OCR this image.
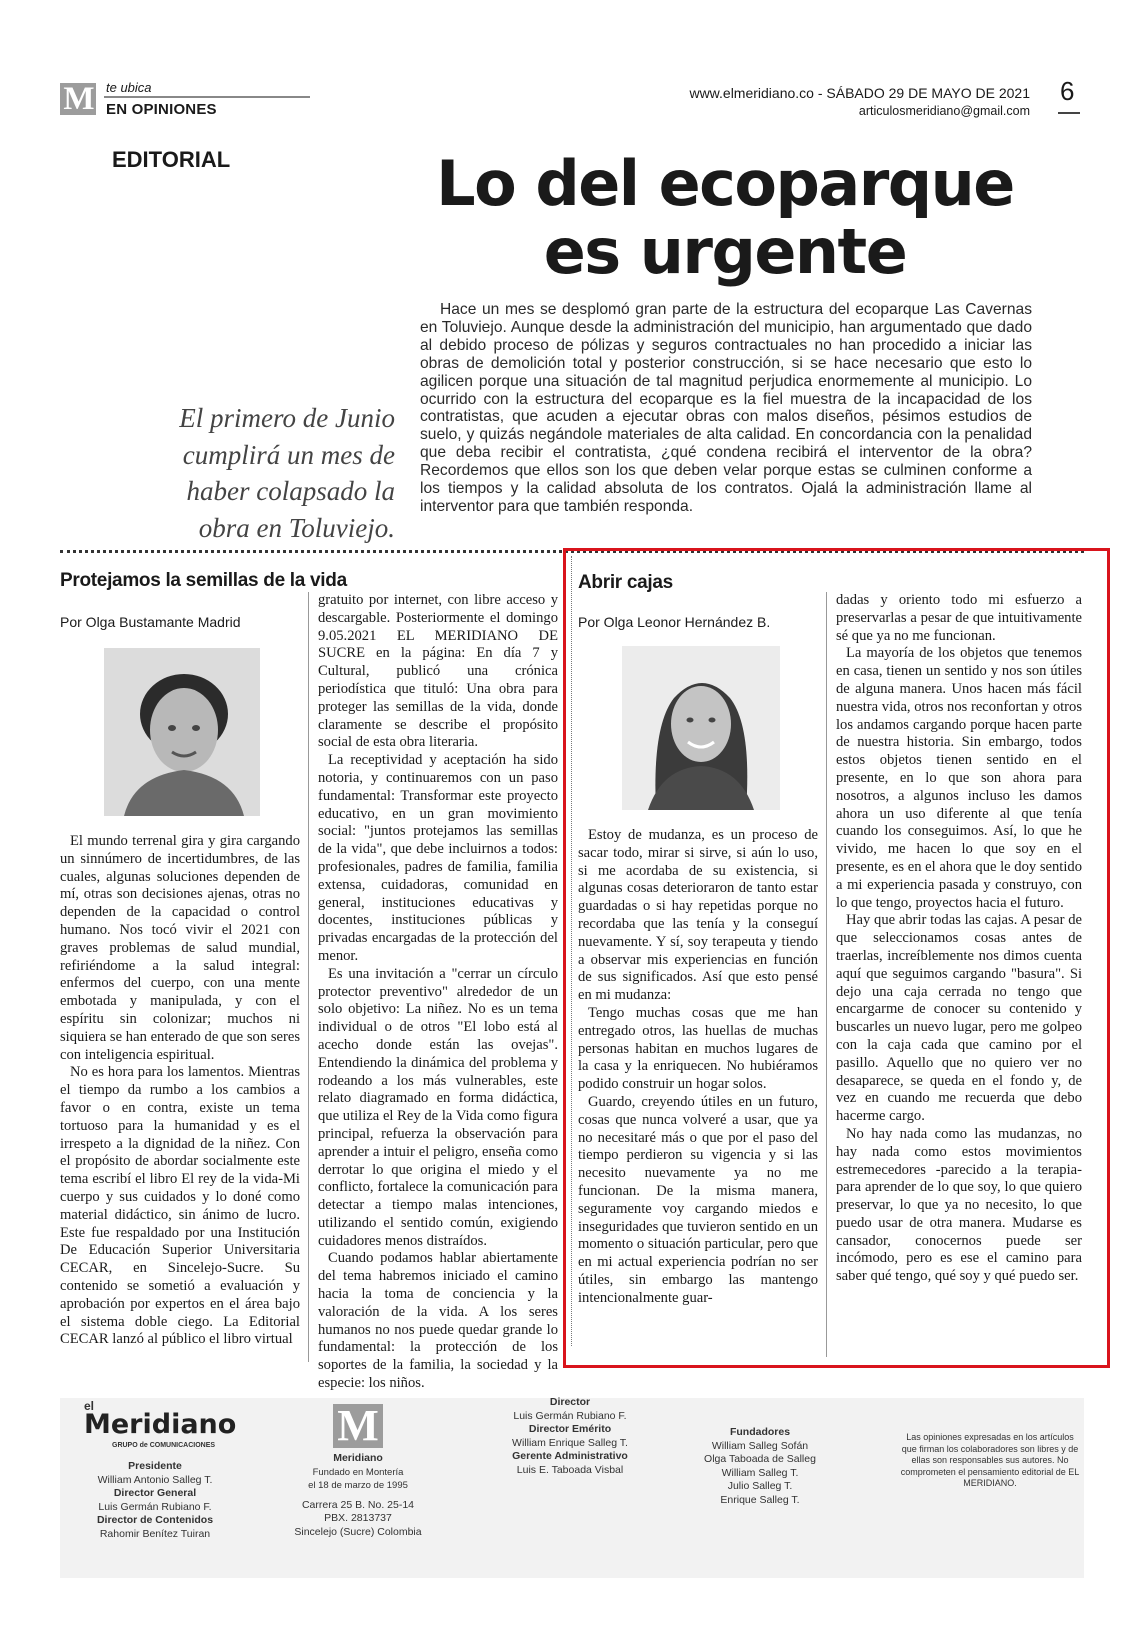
M te ubica
EN OPINIONES
www.elmeridiano.co - SÁBADO 29 DE MAYO DE 2021
articulosmeridiano@gmail.com
6
EDITORIAL	Lo del ecoparque es urgente
El primero de Junio cumplirá un mes de haber colapsado la obra en Toluviejo.

Hace un mes se desplomó gran parte de la estructura del ecoparque Las Cavernas en Toluviejo. Aunque desde la administración del municipio, han argumentado que dado al debido proceso de pólizas y seguros contractuales no han procedido a iniciar las obras de demolición total y posterior construcción, si se hace necesario que esto lo agilicen porque una situación de tal magnitud perjudica enormemente al municipio. Lo ocurrido con la estructura del ecoparque es la fiel muestra de la incapacidad de los contratistas, que acuden a ejecutar obras con malos diseños, pésimos estudios de suelo, y quizás negándole materiales de alta calidad. En concordancia con la penalidad que deba recibir el contratista, ¿qué condena recibirá el interventor de la obra? Recordemos que ellos son los que deben velar porque estas se culminen conforme a los tiempos y la calidad absoluta de los contratos. Ojalá la administración llame al interventor para que también responda.

Protejamos la semillas de la vida
Por Olga Bustamante Madrid

El mundo terrenal gira y gira cargando un sinnúmero de incertidumbres, de las cuales, algunas soluciones dependen de mí, otras son decisiones ajenas, otras no dependen de la capacidad o control humano. Nos tocó vivir el 2021 con graves problemas de salud mundial, refiriéndome a la salud integral: enfermos del cuerpo, con una mente embotada y manipulada, y con el espíritu sin colonizar; muchos ni siquiera se han enterado de que son seres con inteligencia espiritual.

No es hora para los lamentos. Mientras el tiempo da rumbo a los cambios a favor o en contra, existe un tema tortuoso para la humanidad y es el irrespeto a la dignidad de la niñez. Con el propósito de abordar socialmente este tema escribí el libro El rey de la vida-Mi cuerpo y sus cuidados y lo doné como material didáctico, sin ánimo de lucro. Este fue respaldado por una Institución De Educación Superior Universitaria CECAR, en Sincelejo-Sucre. Su contenido se sometió a evaluación y aprobación por expertos en el área bajo el sistema doble ciego. La Editorial CECAR lanzó al público el libro virtual

gratuito por internet, con libre acceso y descargable. Posteriormente el domingo 9.05.2021 EL MERIDIANO DE SUCRE en la página: En día 7 y Cultural, publicó una crónica periodística que tituló: Una obra para proteger las semillas de la vida, donde claramente se describe el propósito social de esta obra literaria.

La receptividad y aceptación ha sido notoria, y continuaremos con un paso fundamental: Transformar este proyecto educativo, en un gran movimiento social: "juntos protejamos las semillas de la vida", que debe incluirnos a todos: profesionales, padres de familia, familia extensa, cuidadoras, comunidad en general, instituciones educativas y docentes, instituciones públicas y privadas encargadas de la protección del menor.

Es una invitación a "cerrar un círculo protector preventivo" alrededor de un solo objetivo: La niñez. No es un tema individual o de otros "El lobo está al acecho donde están las ovejas". Entendiendo la dinámica del problema y rodeando a los más vulnerables, este relato diagramado en forma didáctica, que utiliza el Rey de la Vida como figura principal, refuerza la observación para aprender a intuir el peligro, enseña como derrotar lo que origina el miedo y el conflicto, fortalece la comunicación para detectar a tiempo malas intenciones, utilizando el sentido común, exigiendo cuidadores menos distraídos.

Cuando podamos hablar abiertamente del tema habremos iniciado el camino hacia la toma de conciencia y la valoración de la vida. A los seres humanos no nos puede quedar grande lo fundamental: la protección de los soportes de la familia, la sociedad y la especie: los niños.

Abrir cajas
Por Olga Leonor Hernández B.

Estoy de mudanza, es un proceso de sacar todo, mirar si sirve, si aún lo uso, si me acordaba de su existencia, si algunas cosas deterioraron de tanto estar guardadas o si hay repetidas porque no recordaba que las tenía y la conseguí nuevamente. Y sí, soy terapeuta y tiendo a observar mis experiencias en función de sus significados. Así que esto pensé en mi mudanza:

Tengo muchas cosas que me han entregado otros, las huellas de muchas personas habitan en muchos lugares de la casa y la enriquecen. No hubiéramos podido construir un hogar solos.

Guardo, creyendo útiles en un futuro, cosas que nunca volveré a usar, que ya no necesitaré más o que por el paso del tiempo perdieron su vigencia y si las necesito nuevamente ya no me funcionan. De la misma manera, seguramente voy cargando miedos e inseguridades que tuvieron sentido en un momento o situación particular, pero que en mi actual experiencia podrían no ser útiles, sin embargo las mantengo intencionalmente guar-

dadas y oriento todo mi esfuerzo a preservarlas a pesar de que intuitivamente sé que ya no me funcionan.

La mayoría de los objetos que tenemos en casa, tienen un sentido y nos son útiles de alguna manera. Unos hacen más fácil nuestra vida, otros nos reconfortan y otros los andamos cargando porque hacen parte de nuestra historia. Sin embargo, todos estos objetos tienen sentido en el presente, en lo que son ahora para nosotros, a algunos incluso les damos ahora un uso diferente al que tenía cuando los conseguimos. Así, lo que he vivido, me hacen lo que soy en el presente, es en el ahora que le doy sentido a mi experiencia pasada y construyo, con lo que tengo, proyectos hacia el futuro.

Hay que abrir todas las cajas. A pesar de que seleccionamos cosas antes de traerlas, increíblemente nos dimos cuenta aquí que seguimos cargando "basura". Si dejo una caja cerrada no tengo que encargarme de conocer su contenido y buscarles un nuevo lugar, pero me golpeo con la caja cada que camino por el pasillo. Aquello que no quiero ver no desaparece, se queda en el fondo y, de vez en cuando me recuerda que debo hacerme cargo.

No hay nada como las mudanzas, no hay nada como estos movimientos estremecedores -parecido a la terapia- para aprender de lo que soy, lo que quiero preservar, lo que ya no necesito, lo que puedo usar de otra manera. Mudarse es cansador, conocernos puede ser incómodo, pero es ese el camino para saber qué tengo, qué soy y qué puedo ser.

el
Meridiano
GRUPO de COMUNICACIONES
Presidente
William Antonio Salleg T.
Director General
Luis Germán Rubiano F.
Director de Contenidos
Rahomir Benítez Tuiran
M
Meridiano
Fundado en Montería
el 18 de marzo de 1995
Carrera 25 B. No. 25-14
PBX. 2813737
Sincelejo (Sucre) Colombia
Director
Luis Germán Rubiano F.
Director Emérito
William Enrique Salleg T.
Gerente Administrativo
Luis E. Taboada Visbal
Fundadores
William Salleg Sofán
Olga Taboada de Salleg
William Salleg T.
Julio Salleg T.
Enrique Salleg T.
Las opiniones expresadas en los artículos que firman los colaboradores son libres y de ellas son responsables sus autores. No comprometen el pensamiento editorial de EL MERIDIANO.
